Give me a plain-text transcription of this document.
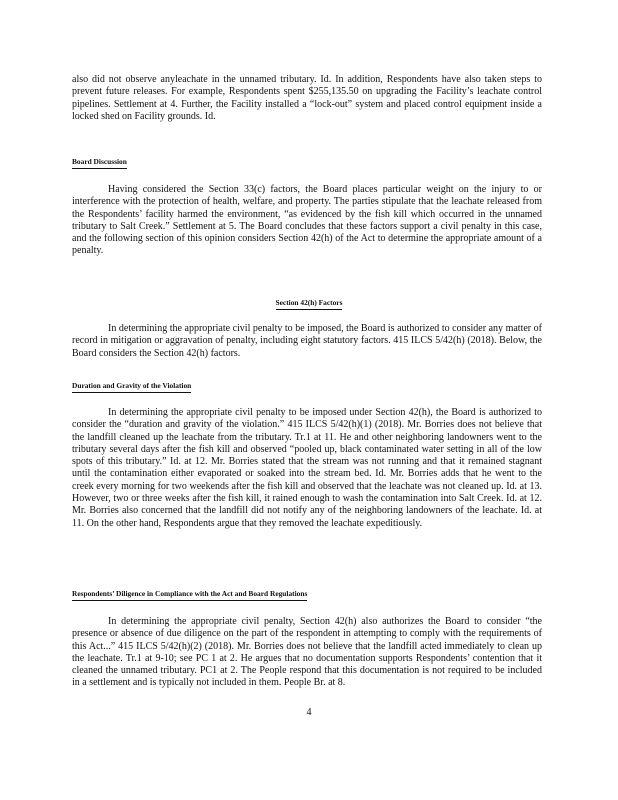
also did not observe anyleachate in the unnamed tributary. Id. In addition, Respondents have also taken steps to prevent future releases. For example, Respondents spent $255,135.50 on upgrading the Facility’s leachate control pipelines. Settlement at 4. Further, the Facility installed a “lock-out” system and placed control equipment inside a locked shed on Facility grounds. Id.

Board Discussion

Having considered the Section 33(c) factors, the Board places particular weight on the injury to or interference with the protection of health, welfare, and property. The parties stipulate that the leachate released from the Respondents’ facility harmed the environment, “as evidenced by the fish kill which occurred in the unnamed tributary to Salt Creek.” Settlement at 5. The Board concludes that these factors support a civil penalty in this case, and the following section of this opinion considers Section 42(h) of the Act to determine the appropriate amount of a penalty.

Section 42(h) Factors

In determining the appropriate civil penalty to be imposed, the Board is authorized to consider any matter of record in mitigation or aggravation of penalty, including eight statutory factors. 415 ILCS 5/42(h) (2018). Below, the Board considers the Section 42(h) factors.

Duration and Gravity of the Violation

In determining the appropriate civil penalty to be imposed under Section 42(h), the Board is authorized to consider the “duration and gravity of the violation.” 415 ILCS 5/42(h)(1) (2018). Mr. Borries does not believe that the landfill cleaned up the leachate from the tributary. Tr.1 at 11. He and other neighboring landowners went to the tributary several days after the fish kill and observed “pooled up, black contaminated water setting in all of the low spots of this tributary.” Id. at 12. Mr. Borries stated that the stream was not running and that it remained stagnant until the contamination either evaporated or soaked into the stream bed. Id. Mr. Borries adds that he went to the creek every morning for two weekends after the fish kill and observed that the leachate was not cleaned up. Id. at 13. However, two or three weeks after the fish kill, it rained enough to wash the contamination into Salt Creek. Id. at 12. Mr. Borries also concerned that the landfill did not notify any of the neighboring landowners of the leachate. Id. at 11. On the other hand, Respondents argue that they removed the leachate expeditiously.

Respondents’ Diligence in Compliance with the Act and Board Regulations

In determining the appropriate civil penalty, Section 42(h) also authorizes the Board to consider “the presence or absence of due diligence on the part of the respondent in attempting to comply with the requirements of this Act...” 415 ILCS 5/42(h)(2) (2018). Mr. Borries does not believe that the landfill acted immediately to clean up the leachate. Tr.1 at 9-10; see PC 1 at 2. He argues that no documentation supports Respondents’ contention that it cleaned the unnamed tributary. PC1 at 2. The People respond that this documentation is not required to be included in a settlement and is typically not included in them. People Br. at 8.

4
